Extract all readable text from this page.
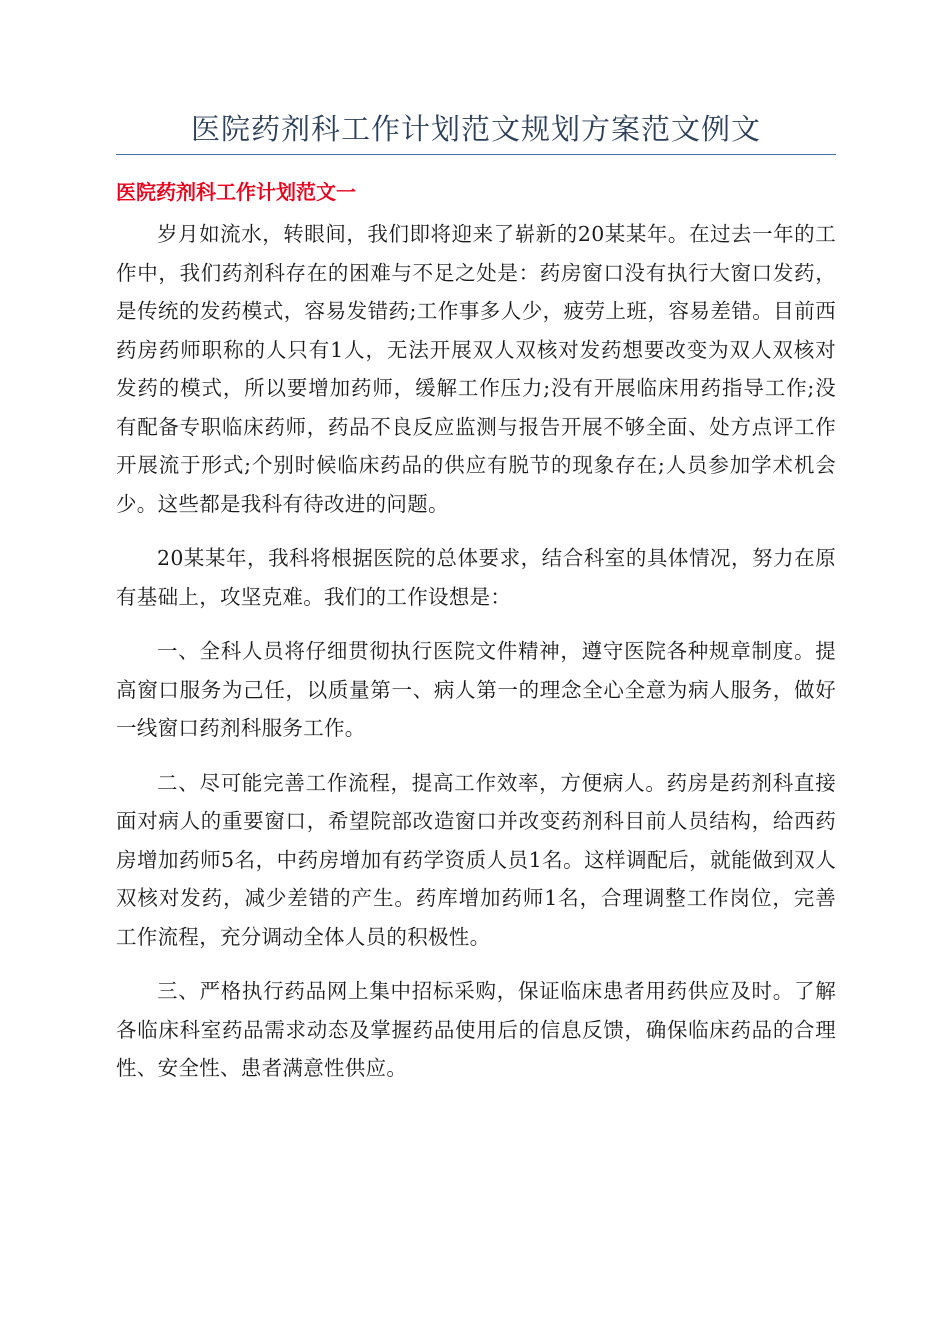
医院药剂科工作计划范文规划方案范文例文
医院药剂科工作计划范文一

岁月如流水，转眼间，我们即将迎来了崭新的20某某年。在过去一年的工作中，我们药剂科存在的困难与不足之处是：药房窗口没有执行大窗口发药，是传统的发药模式，容易发错药;工作事多人少，疲劳上班，容易差错。目前西药房药师职称的人只有1人，无法开展双人双核对发药想要改变为双人双核对发药的模式，所以要增加药师，缓解工作压力;没有开展临床用药指导工作;没有配备专职临床药师，药品不良反应监测与报告开展不够全面、处方点评工作开展流于形式;个别时候临床药品的供应有脱节的现象存在;人员参加学术机会少。这些都是我科有待改进的问题。

20某某年，我科将根据医院的总体要求，结合科室的具体情况，努力在原有基础上，攻坚克难。我们的工作设想是：

一、全科人员将仔细贯彻执行医院文件精神，遵守医院各种规章制度。提高窗口服务为己任，以质量第一、病人第一的理念全心全意为病人服务，做好一线窗口药剂科服务工作。

二、尽可能完善工作流程，提高工作效率，方便病人。药房是药剂科直接面对病人的重要窗口，希望院部改造窗口并改变药剂科目前人员结构，给西药房增加药师5名，中药房增加有药学资质人员1名。这样调配后，就能做到双人双核对发药，减少差错的产生。药库增加药师1名，合理调整工作岗位，完善工作流程，充分调动全体人员的积极性。

三、严格执行药品网上集中招标采购，保证临床患者用药供应及时。了解各临床科室药品需求动态及掌握药品使用后的信息反馈，确保临床药品的合理性、安全性、患者满意性供应。
